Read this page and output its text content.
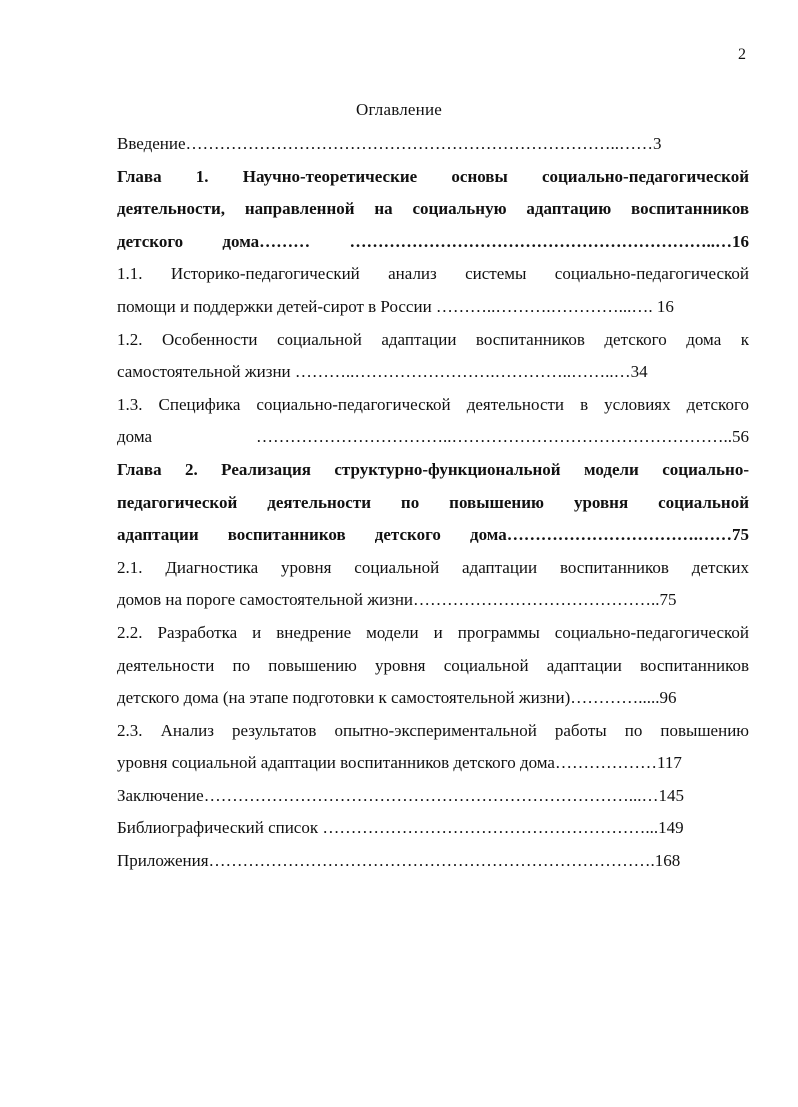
2
Оглавление
Введение…………………………………………………………………..……3
Глава 1. Научно-теоретические основы социально-педагогической
деятельности, направленной на социальную адаптацию воспитанников
детского дома……… ………………………………………………………..…16
1.1. Историко-педагогический анализ системы социально-педагогической
помощи и поддержки детей-сирот в России ………..……….…………...…. 16
1.2. Особенности социальной адаптации воспитанников детского дома к
самостоятельной жизни ………..…………………….…………..……..…34
1.3. Специфика социально-педагогической деятельности в условиях детского
дома ……………………………..…………………………………………..56
Глава 2. Реализация структурно-функциональной модели социально-
педагогической деятельности по повышению уровня социальной
адаптации воспитанников детского дома…………………………….……75
2.1. Диагностика уровня социальной адаптации воспитанников детских
домов на пороге самостоятельной жизни……………………………………..75
2.2. Разработка и внедрение модели и программы социально-педагогической
деятельности по повышению уровня социальной адаптации воспитанников
детского дома (на этапе подготовки к самостоятельной жизни)………….....96
2.3. Анализ результатов опытно-экспериментальной работы по повышению
уровня социальной адаптации воспитанников детского дома………………117
Заключение…………………………………………………………………...…145
Библиографический список …………………………………………………...149
Приложения…………………………………………………………………….168
